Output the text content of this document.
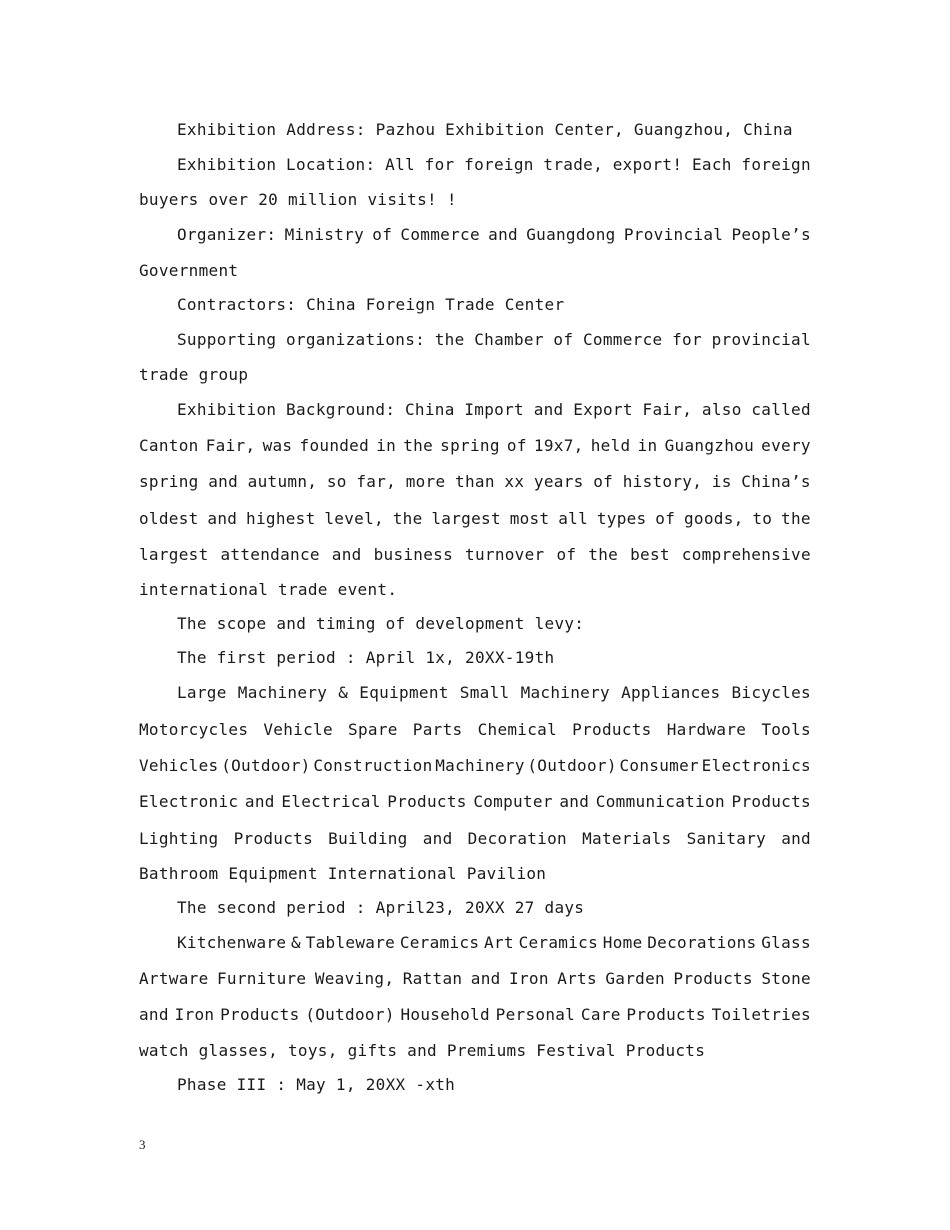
Exhibition Address: Pazhou Exhibition Center, Guangzhou, China
Exhibition Location: All for foreign trade, export! Each foreign
buyers over 20 million visits! !
Organizer: Ministry of Commerce and Guangdong Provincial People’s
Government
Contractors: China Foreign Trade Center
Supporting organizations: the Chamber of Commerce for provincial
trade group
Exhibition Background: China Import and Export Fair, also called
Canton Fair, was founded in the spring of 19x7, held in Guangzhou every
spring and autumn, so far, more than xx years of history, is China’s
oldest and highest level, the largest most all types of goods, to the
largest attendance and business turnover of the best comprehensive
international trade event.
The scope and timing of development levy:
The first period : April 1x, 20XX-19th
Large Machinery & Equipment Small Machinery Appliances Bicycles
Motorcycles Vehicle Spare Parts Chemical Products Hardware Tools
Vehicles (Outdoor) Construction Machinery (Outdoor) Consumer Electronics
Electronic and Electrical Products Computer and Communication Products
Lighting Products Building and Decoration Materials Sanitary and
Bathroom Equipment International Pavilion
The second period : April23, 20XX 27 days
Kitchenware & Tableware Ceramics Art Ceramics Home Decorations Glass
Artware Furniture Weaving, Rattan and Iron Arts Garden Products Stone
and Iron Products (Outdoor) Household Personal Care Products Toiletries
watch glasses, toys, gifts and Premiums Festival Products
Phase III : May 1, 20XX -xth
3
